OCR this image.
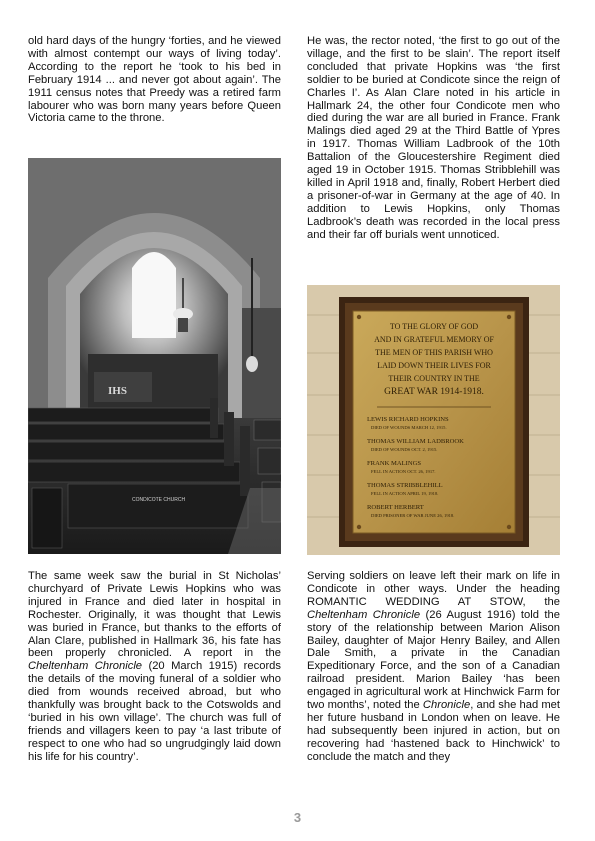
old hard days of the hungry ‘forties, and he viewed with almost contempt our ways of living today’. According to the report he ‘took to his bed in February 1914 ... and never got about again’. The 1911 census notes that Preedy was a retired farm labourer who was born many years before Queen Victoria came to the throne.

IHS
CONDICOTE CHURCH

He was, the rector noted, ‘the first to go out of the village, and the first to be slain’. The report itself concluded that private Hopkins was ‘the first soldier to be buried at Condicote since the reign of Charles I’. As Alan Clare noted in his article in Hallmark 24, the other four Condicote men who died during the war are all buried in France. Frank Malings died aged 29 at the Third Battle of Ypres in 1917. Thomas William Ladbrook of the 10th Battalion of the Gloucestershire Regiment died aged 19 in October 1915. Thomas Stribblehill was killed in April 1918 and, finally, Robert Herbert died a prisoner-of-war in Germany at the age of 40. In addition to Lewis Hopkins, only Thomas Ladbrook’s death was recorded in the local press and their far off burials went unnoticed.

TO THE GLORY OF GOD
AND IN GRATEFUL MEMORY OF
THE MEN OF THIS PARISH WHO
LAID DOWN THEIR LIVES FOR
THEIR COUNTRY IN THE
GREAT WAR 1914-1918.
LEWIS RICHARD HOPKINS
DIED OF WOUNDS MARCH 12, 1915.
THOMAS WILLIAM LADBROOK
DIED OF WOUNDS OCT. 2, 1915.
FRANK MALINGS
FELL IN ACTION OCT. 26, 1917.
THOMAS STRIBBLEHILL
FELL IN ACTION APRIL 19, 1918.
ROBERT HERBERT
DIED PRISONER OF WAR JUNE 26, 1918.

The same week saw the burial in St Nicholas’ churchyard of Private Lewis Hopkins who was injured in France and died later in hospital in Rochester. Originally, it was thought that Lewis was buried in France, but thanks to the efforts of Alan Clare, published in Hallmark 36, his fate has been properly chronicled. A report in the Cheltenham Chronicle (20 March 1915) records the details of the moving funeral of a soldier who died from wounds received abroad, but who thankfully was brought back to the Cotswolds and ‘buried in his own village’. The church was full of friends and villagers keen to pay ‘a last tribute of respect to one who had so ungrudgingly laid down his life for his country’.

Serving soldiers on leave left their mark on life in Condicote in other ways. Under the heading ROMANTIC WEDDING AT STOW, the Cheltenham Chronicle (26 August 1916) told the story of the relationship between Marion Alison Bailey, daughter of Major Henry Bailey, and Allen Dale Smith, a private in the Canadian Expeditionary Force, and the son of a Canadian railroad president. Marion Bailey ‘has been engaged in agricultural work at Hinchwick Farm for two months’, noted the Chronicle, and she had met her future husband in London when on leave. He had subsequently been injured in action, but on recovering had ‘hastened back to Hinchwick’ to conclude the match and they

3
